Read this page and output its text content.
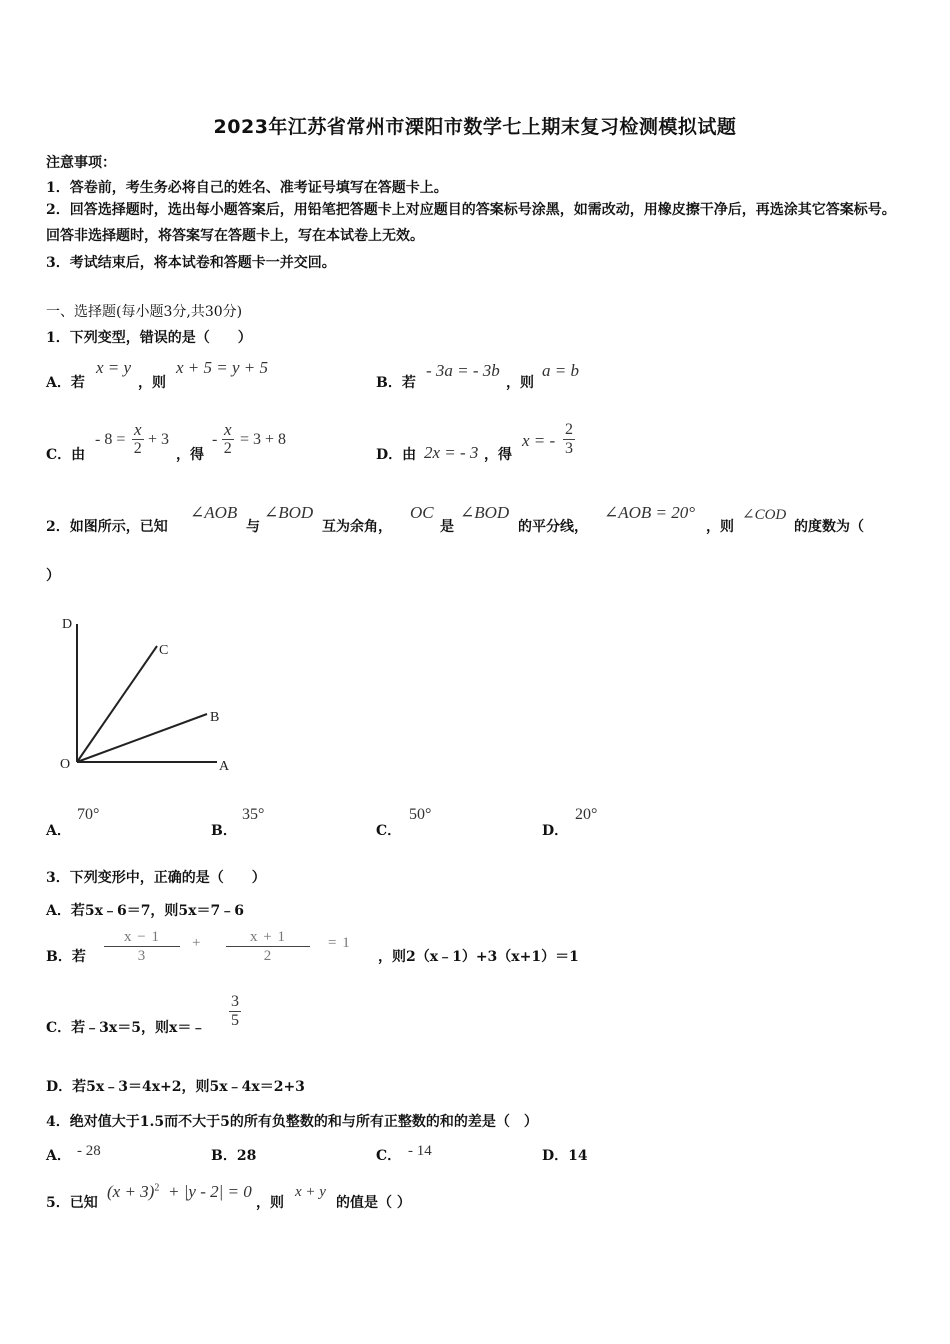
2023年江苏省常州市溧阳市数学七上期末复习检测模拟试题
注意事项：
1．答卷前，考生务必将自己的姓名、准考证号填写在答题卡上。
2．回答选择题时，选出每小题答案后，用铅笔把答题卡上对应题目的答案标号涂黑，如需改动，用橡皮擦干净后，再选涂其它答案标号。回答非选择题时，将答案写在答题卡上，写在本试卷上无效。
3．考试结束后，将本试卷和答题卡一并交回。
一、选择题(每小题3分,共30分)
1．下列变型，错误的是（　　）
A．若
x = y
，则
x + 5 = y + 5
B．若
- 3a = - 3b
，则
a = b
C．由
- $8 = \frac{x}{2} + 3$
，得
- $\frac{x}{2} = 3 + 8$
D．由 2x = - 3 ，得
x = - $\frac{2}{3}$
2．如图所示，已知
∠AOB
与
∠BOD
互为余角，
OC
是
∠BOD
的平分线，
∠AOB = 20°
，则
∠COD
的度数为（
）
D
C
B
O	A
A．
70°
B．
35°
C．
50°
D．
20°
3．下列变形中，正确的是（　　）
A．若5x﹣6＝7，则5x＝7﹣6
B．若 $\frac{x - 1}{3} + \frac{x + 1}{2} = 1$
，则2（x﹣1）+3（x+1）＝1
C．若﹣3x＝5，则x＝﹣ $\frac{3}{5}$
D．若5x﹣3＝4x+2，则5x﹣4x＝2+3
4．绝对值大于1.5而不大于5的所有负整数的和与所有正整数的和的差是（　）
A． - 28	B．28	C． - 14	D．14
5．已知
$(x + 3)^2 + |y - 2| = 0$
，则
x + y
的值是（ ）
